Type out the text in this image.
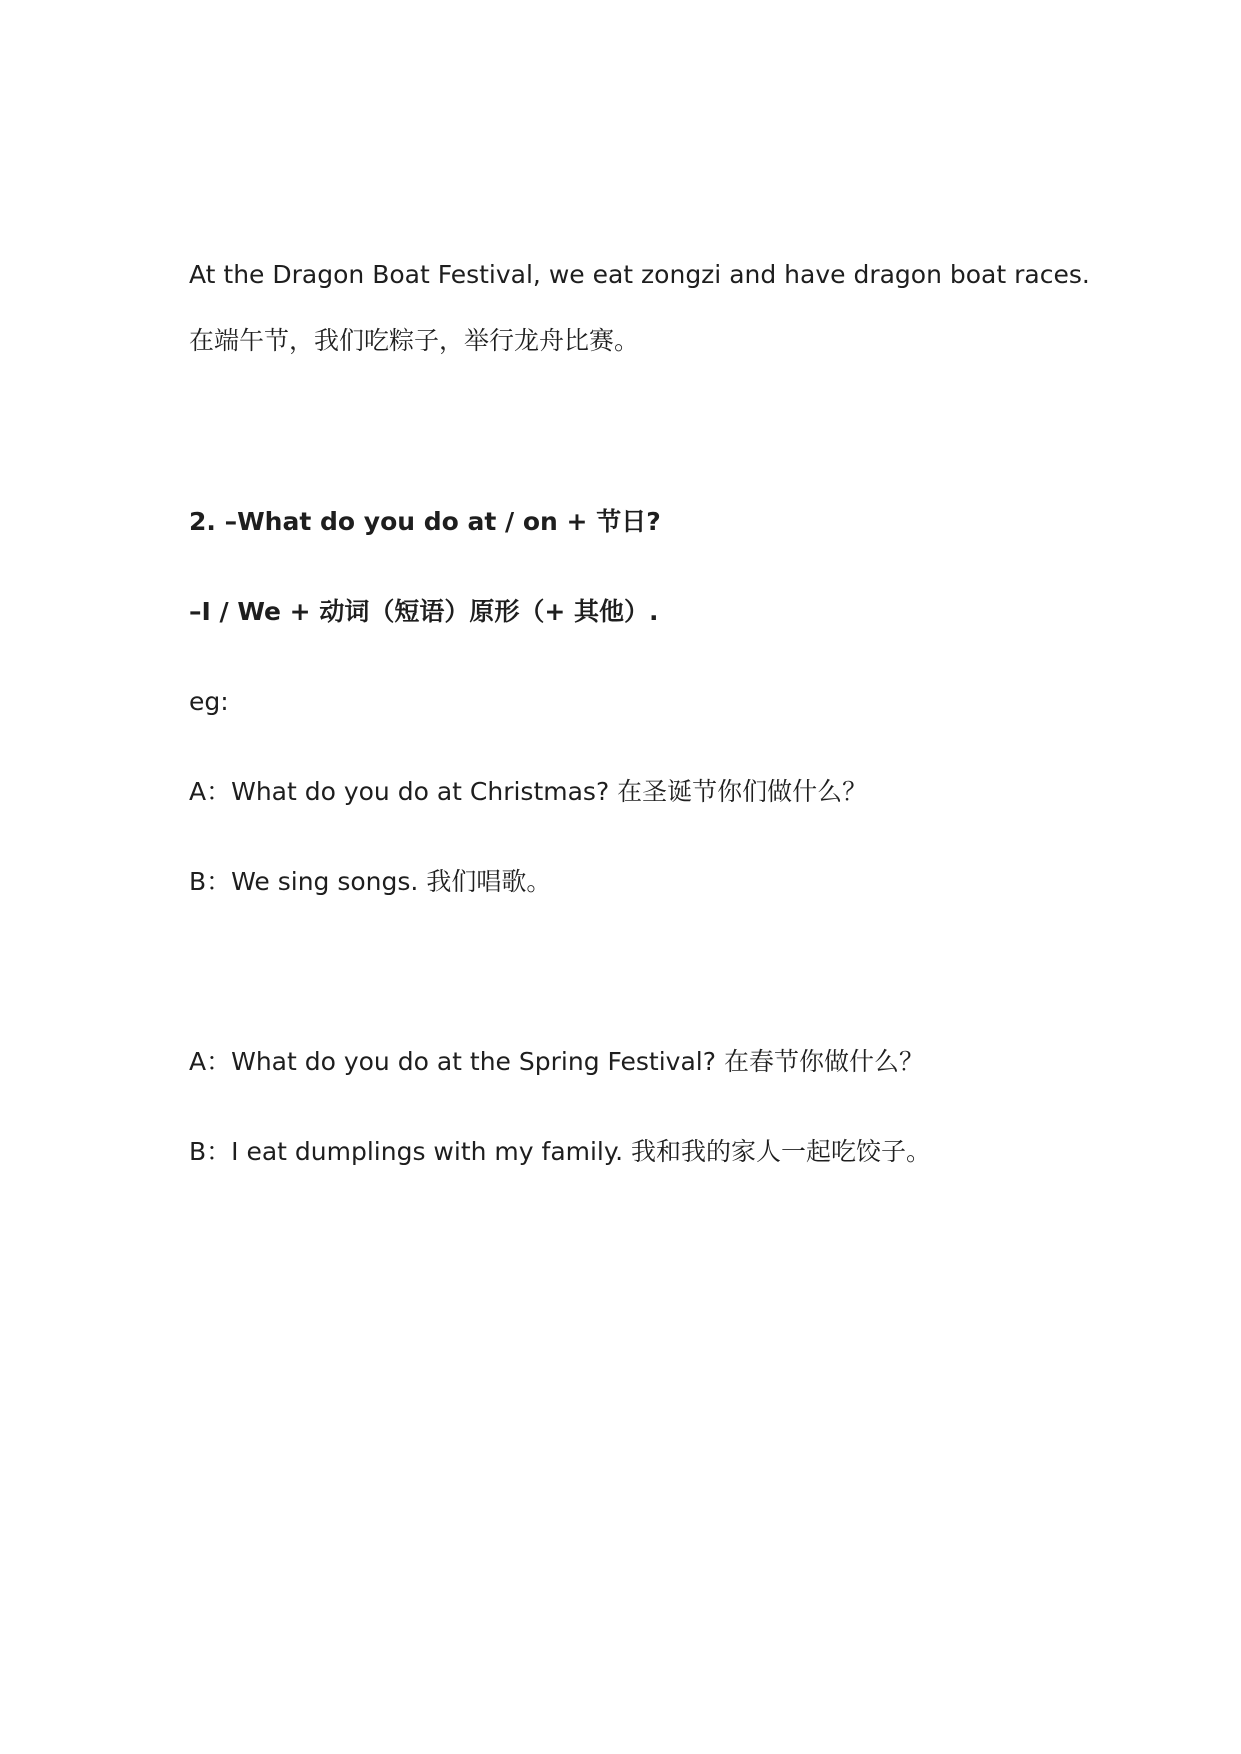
At the Dragon Boat Festival, we eat zongzi and have dragon boat races.
在端午节，我们吃粽子，举行龙舟比赛。
2. –What do you do at / on + 节日?
–I / We + 动词（短语）原形（+ 其他）.
eg:
A：What do you do at Christmas? 在圣诞节你们做什么？
B：We sing songs. 我们唱歌。
A：What do you do at the Spring Festival? 在春节你做什么？
B：I eat dumplings with my family. 我和我的家人一起吃饺子。
